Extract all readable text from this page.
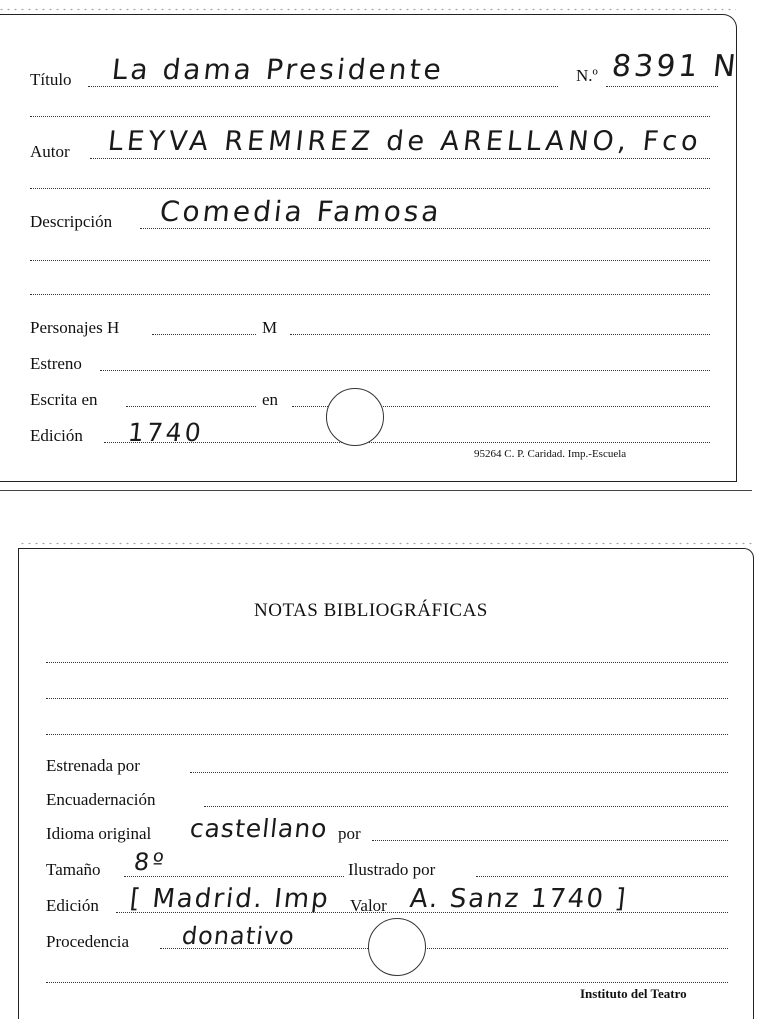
Título La dama Presidente	N.º 8391 N
Autor LEYVA REMIREZ de ARELLANO, Fco
Descripción Comedia Famosa
Personajes H	M
Estreno
Escrita en	en
Edición 1740
95264 C. P. Caridad. Imp.-Escuela
NOTAS BIBLIOGRÁFICAS
Estrenada por
Encuadernación
Idioma original castellano por
Tamaño 8º	Ilustrado por
Edición [ Madrid. Imp Valor A. Sanz 1740 ]
Procedencia donativo
Instituto del Teatro
